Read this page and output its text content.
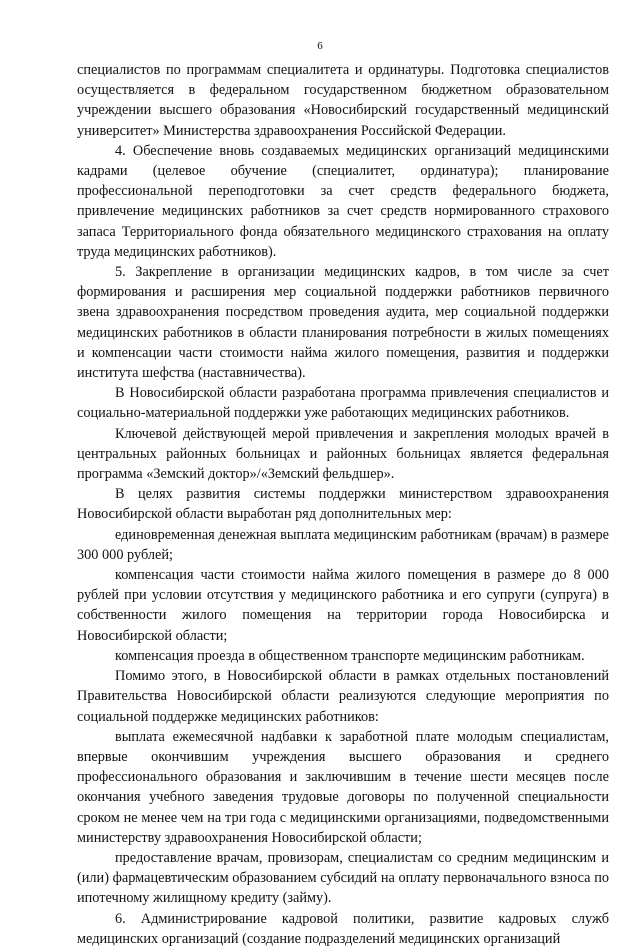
6

специалистов по программам специалитета и ординатуры. Подготовка специалистов осуществляется в федеральном государственном бюджетном образовательном учреждении высшего образования «Новосибирский государственный медицинский университет» Министерства здравоохранения Российской Федерации.

4. Обеспечение вновь создаваемых медицинских организаций медицинскими кадрами (целевое обучение (специалитет, ординатура); планирование профессиональной переподготовки за счет средств федерального бюджета, привлечение медицинских работников за счет средств нормированного страхового запаса Территориального фонда обязательного медицинского страхования на оплату труда медицинских работников).

5. Закрепление в организации медицинских кадров, в том числе за счет формирования и расширения мер социальной поддержки работников первичного звена здравоохранения посредством проведения аудита, мер социальной поддержки медицинских работников в области планирования потребности в жилых помещениях и компенсации части стоимости найма жилого помещения, развития и поддержки института шефства (наставничества).

В Новосибирской области разработана программа привлечения специалистов и социально-материальной поддержки уже работающих медицинских работников.

Ключевой действующей мерой привлечения и закрепления молодых врачей в центральных районных больницах и районных больницах является федеральная программа «Земский доктор»/«Земский фельдшер».

В целях развития системы поддержки министерством здравоохранения Новосибирской области выработан ряд дополнительных мер:

единовременная денежная выплата медицинским работникам (врачам) в размере 300 000 рублей;

компенсация части стоимости найма жилого помещения в размере до 8 000 рублей при условии отсутствия у медицинского работника и его супруги (супруга) в собственности жилого помещения на территории города Новосибирска и Новосибирской области;

компенсация проезда в общественном транспорте медицинским работникам.

Помимо этого, в Новосибирской области в рамках отдельных постановлений Правительства Новосибирской области реализуются следующие мероприятия по социальной поддержке медицинских работников:

выплата ежемесячной надбавки к заработной плате молодым специалистам, впервые окончившим учреждения высшего образования и среднего профессионального образования и заключившим в течение шести месяцев после окончания учебного заведения трудовые договоры по полученной специальности сроком не менее чем на три года с медицинскими организациями, подведомственными министерству здравоохранения Новосибирской области;

предоставление врачам, провизорам, специалистам со средним медицинским и (или) фармацевтическим образованием субсидий на оплату первоначального взноса по ипотечному жилищному кредиту (займу).

6. Администрирование кадровой политики, развитие кадровых служб медицинских организаций (создание подразделений медицинских организаций
